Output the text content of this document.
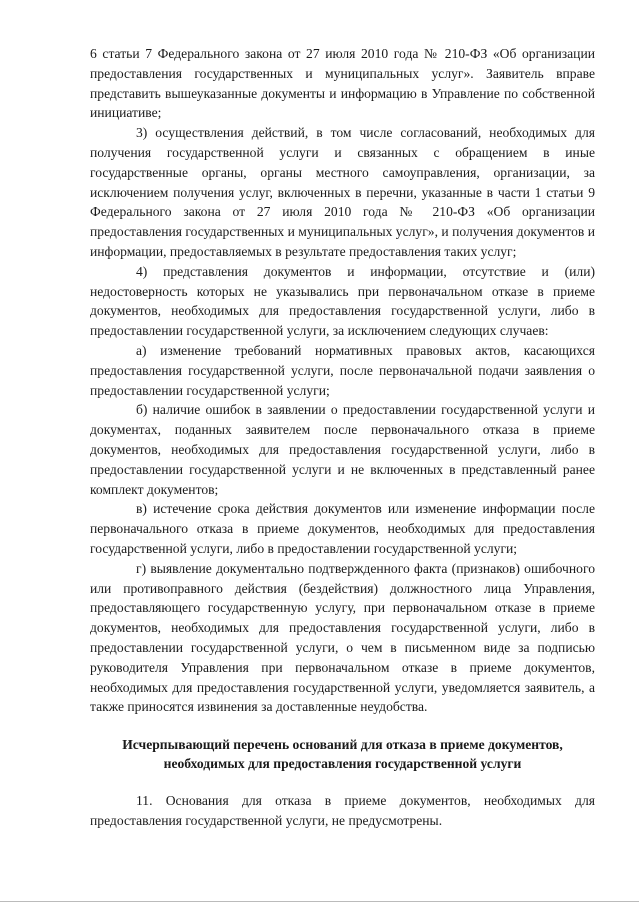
6 статьи 7 Федерального закона от 27 июля 2010 года № 210-ФЗ «Об организации предоставления государственных и муниципальных услуг». Заявитель вправе представить вышеуказанные документы и информацию в Управление по собственной инициативе;

3) осуществления действий, в том числе согласований, необходимых для получения государственной услуги и связанных с обращением в иные государственные органы, органы местного самоуправления, организации, за исключением получения услуг, включенных в перечни, указанные в части 1 статьи 9 Федерального закона от 27 июля 2010 года № 210-ФЗ «Об организации предоставления государственных и муниципальных услуг», и получения документов и информации, предоставляемых в результате предоставления таких услуг;

4) представления документов и информации, отсутствие и (или) недостоверность которых не указывались при первоначальном отказе в приеме документов, необходимых для предоставления государственной услуги, либо в предоставлении государственной услуги, за исключением следующих случаев:

а) изменение требований нормативных правовых актов, касающихся предоставления государственной услуги, после первоначальной подачи заявления о предоставлении государственной услуги;

б) наличие ошибок в заявлении о предоставлении государственной услуги и документах, поданных заявителем после первоначального отказа в приеме документов, необходимых для предоставления государственной услуги, либо в предоставлении государственной услуги и не включенных в представленный ранее комплект документов;

в) истечение срока действия документов или изменение информации после первоначального отказа в приеме документов, необходимых для предоставления государственной услуги, либо в предоставлении государственной услуги;

г) выявление документально подтвержденного факта (признаков) ошибочного или противоправного действия (бездействия) должностного лица Управления, предоставляющего государственную услугу, при первоначальном отказе в приеме документов, необходимых для предоставления государственной услуги, либо в предоставлении государственной услуги, о чем в письменном виде за подписью руководителя Управления при первоначальном отказе в приеме документов, необходимых для предоставления государственной услуги, уведомляется заявитель, а также приносятся извинения за доставленные неудобства.

Исчерпывающий перечень оснований для отказа в приеме документов, необходимых для предоставления государственной услуги

11. Основания для отказа в приеме документов, необходимых для предоставления государственной услуги, не предусмотрены.
